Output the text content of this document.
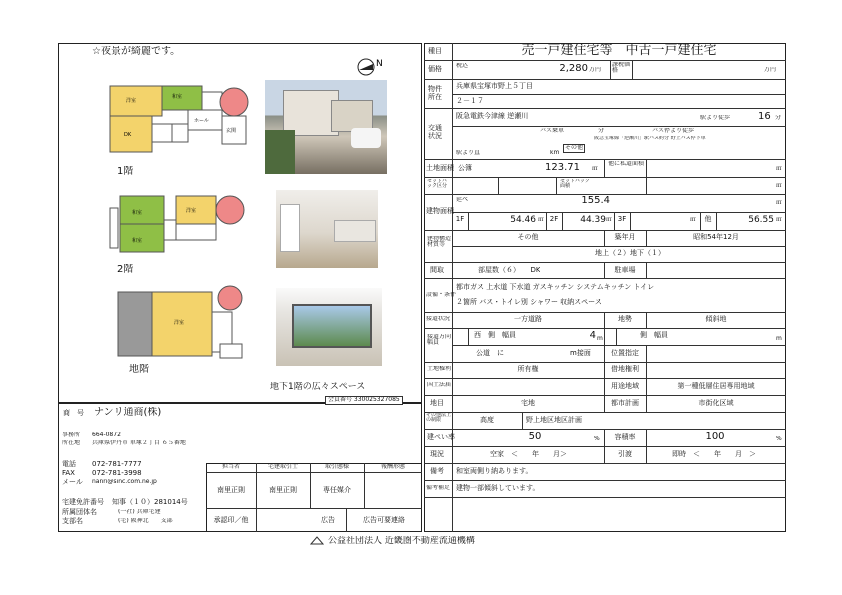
☆夜景が綺麗です。
N
洋室
和室
DK
ホール
玄関
1階
和室
和室
洋室
2階
洋室
地階
地下1階の広々スペース
会員番号 330025327085
商　号 ナンリ通商(株)
事務所 664-0872
所在地 兵庫県伊丹市 車塚２丁目 ６５番地
電話 072-781-7777
FAX 072-781-3998
メール nanri@sinc.com.ne.jp
宅建免許番号 知事（１０）281014号
所属団体名	(一社) 兵庫宅建
支部名	(宅) 阪神北　　支部
担当者	宅建取引士	取引態様	報酬形態
南里正則	南里正則	専任媒介
承認印／他	広告	広告可要連絡
種目	売一戸建住宅等　中古一戸建住宅
価格 税込	2,280 万円
課税価格	万円
物件所在
兵庫県宝塚市野上５丁目
２－１７
交通状況
阪急電鉄今津線 逆瀬川	駅より徒歩	16 分
バス乗車	分	バス停より徒歩
阪急宝塚線「逆瀬川」駅バス約分 野上バス停下車
その他
駅より直	km
土地面積 公簿	123.71 ㎡
他に私道面積
㎡
セットバック区分
セットバック面積	㎡
建物面積
延べ	155.4	㎡
1F	54.46 ㎡ 2F	44.39 ㎡ 3F	㎡	他	56.55 ㎡
建物構造材質等
その他	築年月	昭和54年12月
地上（２）地下（１）
間取	部屋数（６）　　DK	駐車場
設備・条件
都市ガス 上水道 下水道 ガスキッチン システムキッチン トイレ
２箇所 バス・トイレ別 シャワー 収納スペース
接道状況	一方道路	地勢	傾斜地
接道方向幅員
西　側　幅員	4 m	側　幅員	m
公道　に	m接面	位置指定
土地権利	所有権	借地権利
国土法届	用途地域	第一種低層住居専用地域
地目	宅地	都市計画	市街化区域
その他法上の制限	高度	野上地区地区計画
建ぺい率	50	%	容積率	100	%
現況	空家　＜　　年　　月＞	引渡	即時　＜　　年　　月　＞
備考 和室両側り納あります。
備考補足 建物一部傾斜しています。
公益社団法人 近畿圏不動産流通機構
